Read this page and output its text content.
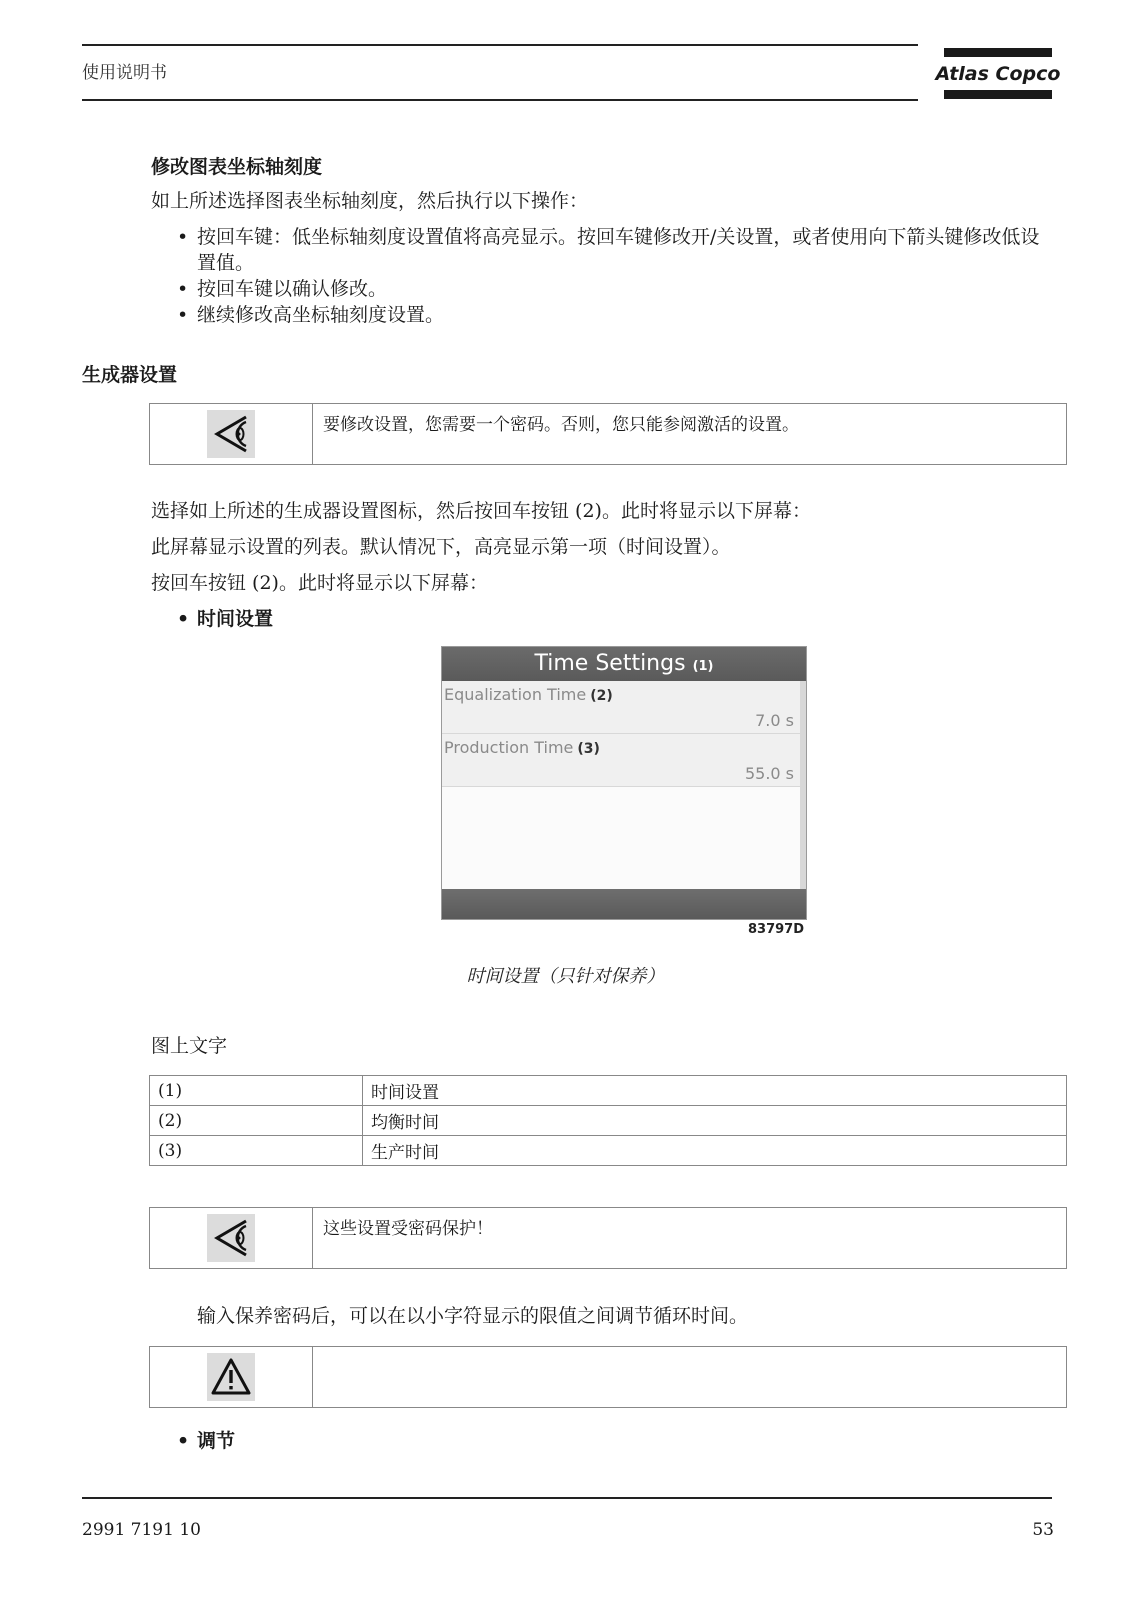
使用说明书	Atlas Copco
修改图表坐标轴刻度
如上所述选择图表坐标轴刻度，然后执行以下操作：
• 按回车键：低坐标轴刻度设置值将高亮显示。按回车键修改开/关设置，或者使用向下箭头键修改低设置值。
• 按回车键以确认修改。
• 继续修改高坐标轴刻度设置。
生成器设置
要修改设置，您需要一个密码。否则，您只能参阅激活的设置。
选择如上所述的生成器设置图标，然后按回车按钮 (2)。此时将显示以下屏幕：
此屏幕显示设置的列表。默认情况下，高亮显示第一项（时间设置）。
按回车按钮 (2)。此时将显示以下屏幕：
• 时间设置
Time Settings (1)
Equalization Time (2)
7.0 s
Production Time (3)
55.0 s
83797D
时间设置（只针对保养）
图上文字
(1)	时间设置
(2)	均衡时间
(3)	生产时间
这些设置受密码保护！
输入保养密码后，可以在以小字符显示的限值之间调节循环时间。
• 调节
2991 7191 10	53
